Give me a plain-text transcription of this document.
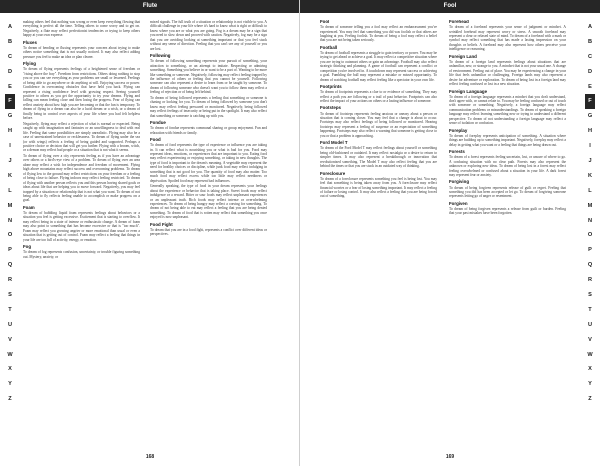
Flute
A
B
C
D
E
F
G
H
I
J
K
L
M
N
O
P
Q
R
S
T
U
V
W
X
Y
Z

making others feel that nothing was wrong or even keep everything flowing that everything is perfect all the time. Telling others to come worry and to get on. Negatively, a flute may reflect perfectionist tendencies or trying to keep others happy at your own expense.

Fluxes

To dream of bending or fluxing represents your concern about trying to make others notice something that is not usually noticed. It may also reflect adding pressure you feel to make an idea or plan clearer.

Flying

To dream of flying represents feelings of a heightened sense of freedom or "rising above the fray". Freedom from restrictions. Others doing nothing to stop you or you can see everything as your problems are small or lessened. Feelings of being able to go anywhere or do anything at will. Enjoying success or power. Confidence in overcoming obstacles that have held you back. Flying can represent a rising confidence level with growing respect. Seeing yourself positive to others as you get the opportunity to try your dreams. Flying and falling can mean feeling close and then losing the progress. Fear of flying can reflect anxiety about how high you are becoming or that the fun is temporary. To dream of flying in a dream can also be a lucid dream or a wish, or a dream of finally being in control over aspects of your life where you had felt helpless before.

Negatively, flying may reflect a rejection of what is normal or expected. Being caught up with imagination and fantasies or an unwillingness to deal with real life. Feeling that some possibilities are simply unrealistic. Flying may also be a case of unrestrained behavior or recklessness. To dream of flying under the sea (or with wings) reflects a feeling of being guided and supported. Perhaps a positive choice or decision that will get you further. Flying with a broom, witch, or a demon may reflect bad people or a situation that is not what it seems.

To dream of flying over a city represents feeling as if you have an advantage over others or a bird's-eye view of a problem. To dream of flying over an area alone may reflect a wish for independence and freedom of movement. Flying high above mountains may reflect success and overcoming problems. To dream of flying low to the ground may reflect restrictions on your freedom or a feeling of being close to failure. Flying indoors may reflect feeling restricted. To dream of flying with another person reflects you and this person having shared goals or ideas about life that are helping you to move forward. Negatively, you may feel trapped by a situation or relationship that is not what you want. To dream of not being able to fly reflects feeling unable to accomplish or make progress on a goal.

Foam

To dream of bubbling liquid foam represents feelings about behaviors or a situation you feel is getting excessive. Excitement that is starting to overflow. It may reflect being in a state of intense or enthusiastic change. A dream of foam may also point to something that has become excessive or that is "too much". Foam may reflect you growing angrier or more emotional than usual or even a situation that is getting out of control. Foam may reflect a feeling that things in your life are too full of activity, energy, or emotion.

Fog

To dream of fog represents confusion, uncertainty, or trouble figuring something out. Mystery, anxiety, or

mixed signals. The full truth of a situation or relationship is not visible to you. A difficult challenge in your life where it's hard to know what is right or difficult to know where you are or what you are going. Fog is a dream may be a sign that you need to slow down and proceed with caution. Negatively, fog may be a sign that you are avoiding looking at something important or that you feel stuck without any sense of direction. Feeling that you can't see any of yourself or you are lost.

Following

To dream of following something represents your pursuit of something, your attraction to something, or an attempt to imitate. Respecting or admiring something. Something you believe in or want to be a part of. Wanting to be more like something or someone. Negatively, following may reflect feeling trapped by the influence of others or feeling that you cannot be yourself. Following someone can also represent a desire to learn from or be taught by someone. To dream of following someone who doesn't want you to follow them may reflect a feeling of rejection or of being left behind.

To dream of being followed represents a feeling that something or someone is chasing or looking for you. To dream of being followed by someone you don't know may reflect feeling pressured or monitored. Negatively, being followed may reflect feelings of insecurity or being put in the spotlight. It may also reflect that something or someone is catching up with you.

Fondue

To dream of fondue represents communal sharing or group enjoyment. Fun and relaxation with friends or family.

Food

To dream of food represents the type of experience or influence you are taking in. It can reflect what is nourishing you or what is bad for you. Food may represent ideas, emotions, or experiences that are important to you. Eating food may reflect experiencing or enjoying something, or taking in new thoughts. The type of food is important to the dream's meaning. A vegetable may represent the need for healthy choices or discipline, while junk food may reflect indulging in something that is not good for you. The quantity of food may also matter. Too much food may reflect excess while too little may reflect neediness or deprivation. Spoiled food may represent bad influences.

Generally speaking, the type of food in your dream represents your feelings about the experience or behavior that is taking place. Sweet foods may reflect indulgence or a reward. Bitter or sour foods may reflect unpleasant experiences or an unpleasant truth. Rich foods may reflect intense or overwhelming experiences. To dream of being hungry may reflect a craving for something. To dream of not being able to eat may reflect a feeling that you are being denied something. To dream of food that is rotten may reflect that something you once enjoyed is now unpleasant.

Food Fight

To dream that you are in a food fight, represents a conflict over different ideas or perspectives.

168
Fool
A
B
C
D
E
F
G
H
I
J
K
L
M
N
O
P
Q
R
S
T
U
V
W
X
Y
Z
Fool

To dream of someone telling you a fool may reflect an embarrassment you've experienced. You may feel that something you did was foolish or that others are laughing at you. Feeling foolish. To dream of being a fool may reflect a belief that you are not being taken seriously.

Football

To dream of football represents a struggle to gain territory or power. You may be trying to get ahead or achieve a goal. It may reflect a competitive situation where you are trying to outsmart others or gain an advantage. Football may also reflect strategic thinking and planning. A game of football can represent a conflict or competition you're involved in. A touchdown may represent success or achieving a goal. Fumbling the ball may represent a mistake or missed opportunity. To dream of watching football may reflect feeling like a spectator in your own life.

Footprints

To dream of footprints represents a clue to or evidence of something. They may reflect a path you are following or a trail of past behavior. Footprints can also reflect the impact of your actions on others or a lasting influence of someone.

Footsteps

To dream of footsteps represents feeling anxious or uneasy about a person or situation that is coming closer. You may feel that a change is about to occur. Footsteps may also reflect feelings of being followed or monitored. Hearing footsteps may represent a feeling of suspense or an expectation of something happening. Footsteps may also reflect a warning that someone is getting close to you or that a problem is approaching.

Ford Model T

To dream of the Ford Model T may reflect feelings about yourself or something being old-fashioned or outdated. It may reflect nostalgia or a desire to return to simpler times. It may also represent a breakthrough or innovation that revolutionized something. The Model T may also reflect feeling that you are behind the times or that you are stuck in an outdated way of thinking.

Foreclosure

To dream of a foreclosure represents something you feel is being lost. You may feel that something is being taken away from you. A foreclosure may reflect financial worries or a fear of losing something important. It may reflect a feeling of failure or losing control. It may also reflect a feeling that you are being forced out of something.

Forehead

To dream of a forehead represents your sense of judgment or mindset. A wrinkled forehead may represent worry or stress. A smooth forehead may represent a clear or relaxed state of mind. To dream of a forehead with a mark or symbol may reflect something that has made a lasting impression on your thoughts or beliefs. A forehead may also represent how others perceive your intelligence or reasoning.

Foreign Land

To dream of a foreign land represents feelings about situations that are unfamiliar, new, or strange to you. A mindset that is not your usual one. A change of environment. Feeling out of place. You may be experiencing a change in your life that feels unfamiliar or challenging. Foreign lands may also represent a desire for adventure or exploration. To dream of being lost in a foreign land may reflect feeling confused or lost in a new situation.

Foreign Language

To dream of a foreign language represents a mindset that you don't understand, don't agree with, or cannot relate to. You may be feeling confused or out of touch with someone or something. Negatively, a foreign language may reflect communication problems or misunderstandings. To dream of speaking a foreign language may reflect learning something new or trying to understand a different perspective. To dream of not understanding a foreign language may reflect a sense of isolation or confusion.

Foreplay

To dream of foreplay represents anticipation of something. A situation where things are building up to something important. Negatively, foreplay may reflect a delay in getting what you want or a feeling that things are being drawn out.

Forests

To dream of a forest represents feeling uncertain, lost, or unsure of where to go. A confusing situation with no clear path. Forests may also represent the unknown or exploring new ideas. To dream of being lost in a forest may reflect feeling overwhelmed or confused about a situation in your life. A dark forest may represent fear or anxiety.

Forgiving

To dream of being forgiven represents release of guilt or regret. Feeling that something you did has been accepted or let go. To dream of forgiving someone represents letting go of anger or resentment.

Forgiven

To dream of being forgiven represents a release from guilt or burden. Feeling that your past mistakes have been forgotten.

169
